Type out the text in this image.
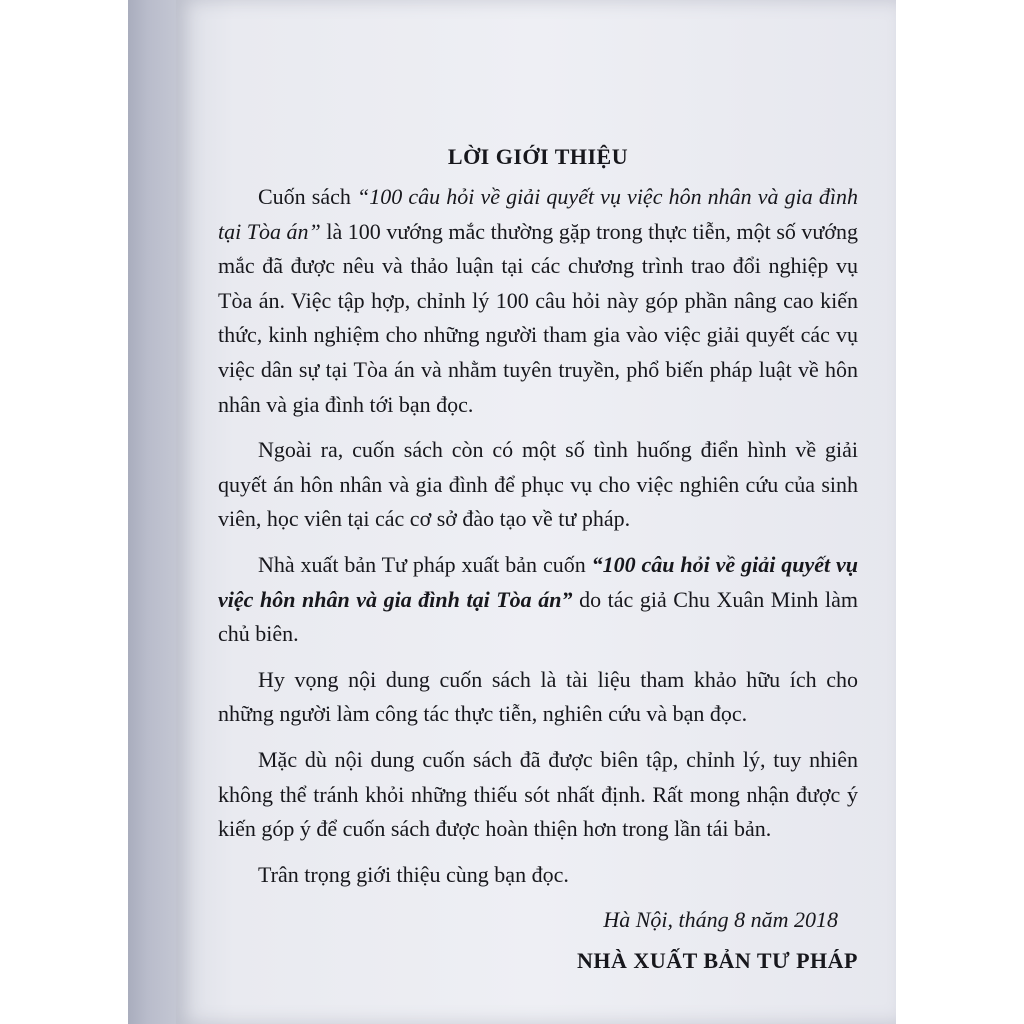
LỜI GIỚI THIỆU

Cuốn sách “100 câu hỏi về giải quyết vụ việc hôn nhân và gia đình tại Tòa án” là 100 vướng mắc thường gặp trong thực tiễn, một số vướng mắc đã được nêu và thảo luận tại các chương trình trao đổi nghiệp vụ Tòa án. Việc tập hợp, chỉnh lý 100 câu hỏi này góp phần nâng cao kiến thức, kinh nghiệm cho những người tham gia vào việc giải quyết các vụ việc dân sự tại Tòa án và nhằm tuyên truyền, phổ biến pháp luật về hôn nhân và gia đình tới bạn đọc.

Ngoài ra, cuốn sách còn có một số tình huống điển hình về giải quyết án hôn nhân và gia đình để phục vụ cho việc nghiên cứu của sinh viên, học viên tại các cơ sở đào tạo về tư pháp.

Nhà xuất bản Tư pháp xuất bản cuốn “100 câu hỏi về giải quyết vụ việc hôn nhân và gia đình tại Tòa án” do tác giả Chu Xuân Minh làm chủ biên.

Hy vọng nội dung cuốn sách là tài liệu tham khảo hữu ích cho những người làm công tác thực tiễn, nghiên cứu và bạn đọc.

Mặc dù nội dung cuốn sách đã được biên tập, chỉnh lý, tuy nhiên không thể tránh khỏi những thiếu sót nhất định. Rất mong nhận được ý kiến góp ý để cuốn sách được hoàn thiện hơn trong lần tái bản.

Trân trọng giới thiệu cùng bạn đọc.

Hà Nội, tháng 8 năm 2018
NHÀ XUẤT BẢN TƯ PHÁP
